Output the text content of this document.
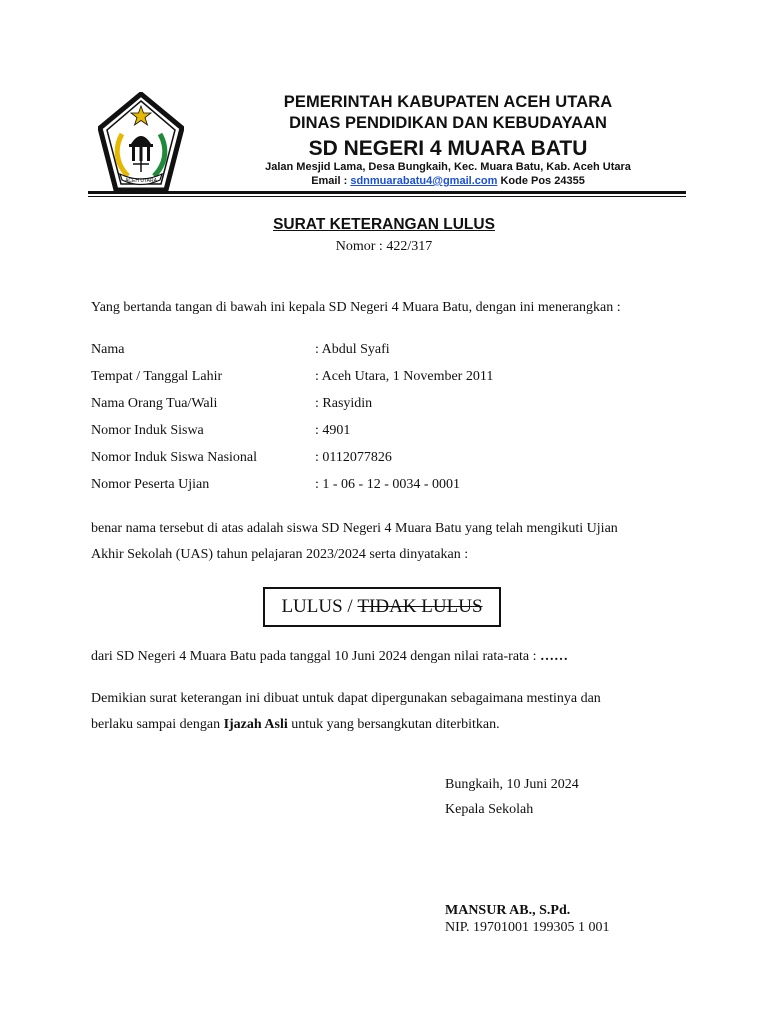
ACEH UTARA
PEMERINTAH KABUPATEN ACEH UTARA
DINAS PENDIDIKAN DAN KEBUDAYAAN
SD NEGERI 4 MUARA BATU
Jalan Mesjid Lama, Desa Bungkaih, Kec. Muara Batu, Kab. Aceh Utara
Email : sdnmuarabatu4@gmail.com Kode Pos 24355
SURAT KETERANGAN LULUS
Nomor : 422/317
Yang bertanda tangan di bawah ini kepala SD Negeri 4 Muara Batu, dengan ini menerangkan :
Nama	: Abdul Syafi
Tempat / Tanggal Lahir	: Aceh Utara, 1 November 2011
Nama Orang Tua/Wali	: Rasyidin
Nomor Induk Siswa	: 4901
Nomor Induk Siswa Nasional	: 0112077826
Nomor Peserta Ujian	: 1 - 06 - 12 - 0034 - 0001
benar nama tersebut di atas adalah siswa SD Negeri 4 Muara Batu yang telah mengikuti Ujian
Akhir Sekolah (UAS) tahun pelajaran 2023/2024 serta dinyatakan :
LULUS /
TIDAK LULUS
dari SD Negeri 4 Muara Batu pada tanggal 10 Juni 2024 dengan nilai rata-rata : ……
Demikian surat keterangan ini dibuat untuk dapat dipergunakan sebagaimana mestinya dan
berlaku sampai dengan Ijazah Asli untuk yang bersangkutan diterbitkan.
Bungkaih, 10 Juni 2024
Kepala Sekolah
MANSUR AB., S.Pd.
NIP. 19701001 199305 1 001
